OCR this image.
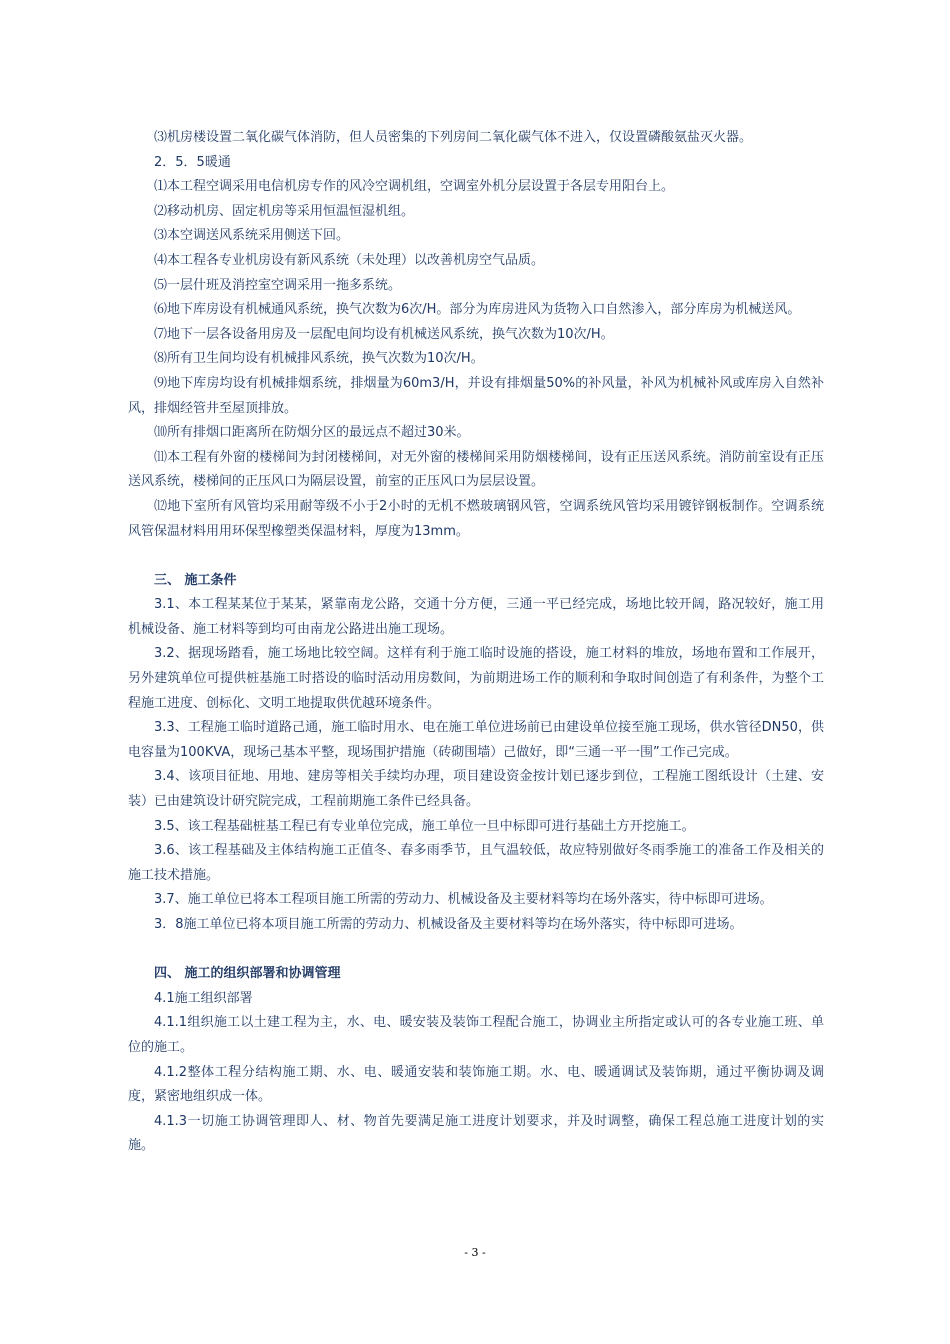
⑶机房楼设置二氧化碳气体消防，但人员密集的下列房间二氧化碳气体不进入，仅设置磷酸氨盐灭火器。

2．5．5暖通

⑴本工程空调采用电信机房专作的风冷空调机组，空调室外机分层设置于各层专用阳台上。

⑵移动机房、固定机房等采用恒温恒湿机组。

⑶本空调送风系统采用侧送下回。

⑷本工程各专业机房设有新风系统（未处理）以改善机房空气品质。

⑸一层什班及消控室空调采用一拖多系统。

⑹地下库房设有机械通风系统，换气次数为6次/H。部分为库房进风为货物入口自然渗入，部分库房为机械送风。

⑺地下一层各设备用房及一层配电间均设有机械送风系统，换气次数为10次/H。

⑻所有卫生间均设有机械排风系统，换气次数为10次/H。

⑼地下库房均设有机械排烟系统，排烟量为60m3/H，并设有排烟量50%的补风量，补风为机械补风或库房入自然补风，排烟经管井至屋顶排放。

⑽所有排烟口距离所在防烟分区的最远点不超过30米。

⑾本工程有外窗的楼梯间为封闭楼梯间，对无外窗的楼梯间采用防烟楼梯间，设有正压送风系统。消防前室设有正压送风系统，楼梯间的正压风口为隔层设置，前室的正压风口为层层设置。

⑿地下室所有风管均采用耐等级不小于2小时的无机不燃玻璃钢风管，空调系统风管均采用镀锌钢板制作。空调系统风管保温材料用用环保型橡塑类保温材料，厚度为13mm。

三、 施工条件

3.1、本工程某某位于某某，紧靠南龙公路，交通十分方便，三通一平已经完成，场地比较开阔，路况较好，施工用机械设备、施工材料等到均可由南龙公路进出施工现场。

3.2、据现场踏看，施工场地比较空阔。这样有利于施工临时设施的搭设，施工材料的堆放，场地布置和工作展开，另外建筑单位可提供桩基施工时搭设的临时活动用房数间，为前期进场工作的顺利和争取时间创造了有利条件，为整个工程施工进度、创标化、文明工地提取供优越环境条件。

3.3、工程施工临时道路己通，施工临时用水、电在施工单位进场前已由建设单位接至施工现场，供水管径DN50，供电容量为100KVA，现场己基本平整，现场围护措施（砖砌围墙）己做好，即“三通一平一围”工作己完成。

3.4、该项目征地、用地、建房等相关手续均办理，项目建设资金按计划已逐步到位，工程施工图纸设计（土建、安装）已由建筑设计研究院完成，工程前期施工条件已经具备。

3.5、该工程基础桩基工程已有专业单位完成，施工单位一旦中标即可进行基础土方开挖施工。

3.6、该工程基础及主体结构施工正值冬、春多雨季节，且气温较低，故应特别做好冬雨季施工的准备工作及相关的施工技术措施。

3.7、施工单位已将本工程项目施工所需的劳动力、机械设备及主要材料等均在场外落实，待中标即可进场。

3．8施工单位已将本项目施工所需的劳动力、机械设备及主要材料等均在场外落实，待中标即可进场。

四、 施工的组织部署和协调管理

4.1施工组织部署

4.1.1组织施工以土建工程为主，水、电、暖安装及装饰工程配合施工，协调业主所指定或认可的各专业施工班、单位的施工。

4.1.2整体工程分结构施工期、水、电、暖通安装和装饰施工期。水、电、暖通调试及装饰期，通过平衡协调及调度，紧密地组织成一体。

4.1.3一切施工协调管理即人、材、物首先要满足施工进度计划要求，并及时调整，确保工程总施工进度计划的实施。

- 3 -
